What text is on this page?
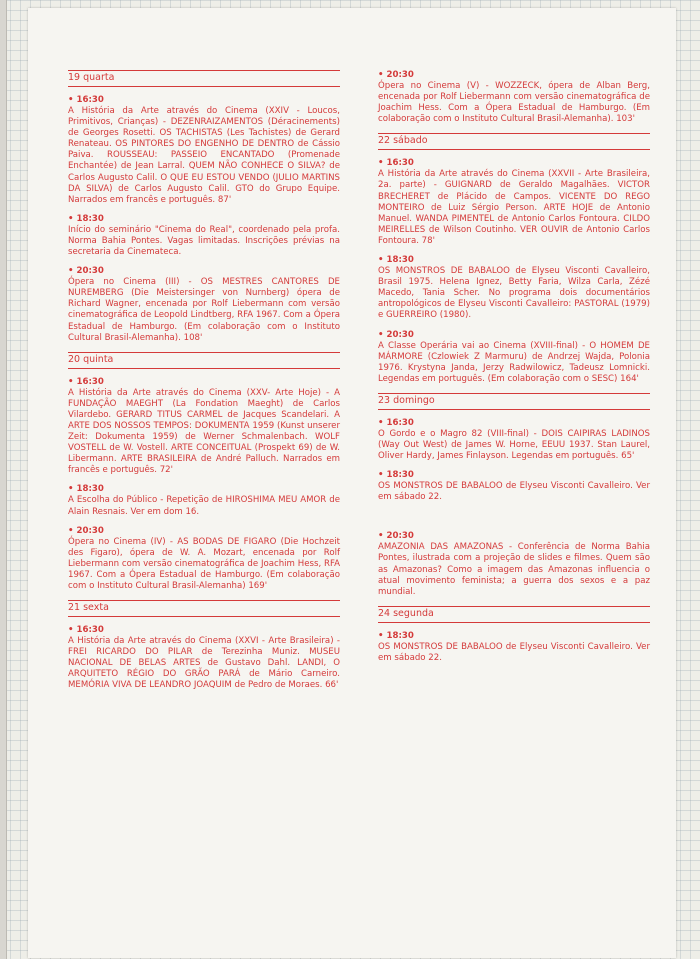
19 quarta
• 16:30

A História da Arte através do Cinema (XXIV - Loucos, Primitivos, Crianças) - DEZENRAIZAMENTOS (Déracinements) de Georges Rosetti. OS TACHISTAS (Les Tachistes) de Gerard Renateau. OS PINTORES DO ENGENHO DE DENTRO de Cássio Paiva. ROUSSEAU: PASSEIO ENCANTADO (Promenade Enchantée) de Jean Larral. QUEM NÃO CONHECE O SILVA? de Carlos Augusto Calil. O QUE EU ESTOU VENDO (JULIO MARTINS DA SILVA) de Carlos Augusto Calil. GTO do Grupo Equipe. Narrados em francês e português. 87'

• 18:30

Início do seminário "Cinema do Real", coordenado pela profa. Norma Bahia Pontes. Vagas limitadas. Inscrições prévias na secretaria da Cinemateca.

• 20:30

Ópera no Cinema (III) - OS MESTRES CANTORES DE NUREMBERG (Die Meistersinger von Nurnberg) ópera de Richard Wagner, encenada por Rolf Liebermann com versão cinematográfica de Leopold Lindtberg, RFA 1967. Com a Ópera Estadual de Hamburgo. (Em colaboração com o Instituto Cultural Brasil-Alemanha). 108'

20 quinta
• 16:30

A História da Arte através do Cinema (XXV- Arte Hoje) - A FUNDAÇÃO MAEGHT (La Fondation Maeght) de Carlos Vilardebo. GERARD TITUS CARMEL de Jacques Scandelari. A ARTE DOS NOSSOS TEMPOS: DOKUMENTA 1959 (Kunst unserer Zeit: Dokumenta 1959) de Werner Schmalenbach. WOLF VOSTELL de W. Vostell. ARTE CONCEITUAL (Prospekt 69) de W. Libermann. ARTE BRASILEIRA de André Palluch. Narrados em francês e português. 72'

• 18:30

A Escolha do Público - Repetição de HIROSHIMA MEU AMOR de Alain Resnais. Ver em dom 16.

• 20:30

Ópera no Cinema (IV) - AS BODAS DE FIGARO (Die Hochzeit des Figaro), ópera de W. A. Mozart, encenada por Rolf Liebermann com versão cinematográfica de Joachim Hess, RFA 1967. Com a Ópera Estadual de Hamburgo. (Em colaboração com o Instituto Cultural Brasil-Alemanha) 169'

21 sexta
• 16:30

A História da Arte através do Cinema (XXVI - Arte Brasileira) - FREI RICARDO DO PILAR de Terezinha Muniz. MUSEU NACIONAL DE BELAS ARTES de Gustavo Dahl. LANDI, O ARQUITETO RÉGIO DO GRÃO PARÁ de Mário Carneiro. MEMÓRIA VIVA DE LEANDRO JOAQUIM de Pedro de Moraes. 66'

• 20:30

Ópera no Cinema (V) - WOZZECK, ópera de Alban Berg, encenada por Rolf Liebermann com versão cinematográfica de Joachim Hess. Com a Ópera Estadual de Hamburgo. (Em colaboração com o Instituto Cultural Brasil-Alemanha). 103'

22 sábado
• 16:30

A História da Arte através do Cinema (XXVII - Arte Brasileira, 2a. parte) - GUIGNARD de Geraldo Magalhães. VICTOR BRECHERET de Plácido de Campos. VICENTE DO REGO MONTEIRO de Luiz Sérgio Person. ARTE HOJE de Antonio Manuel. WANDA PIMENTEL de Antonio Carlos Fontoura. CILDO MEIRELLES de Wilson Coutinho. VER OUVIR de Antonio Carlos Fontoura. 78'

• 18:30

OS MONSTROS DE BABALOO de Elyseu Visconti Cavalleiro, Brasil 1975. Helena Ignez, Betty Faria, Wilza Carla, Zézé Macedo, Tania Scher. No programa dois documentários antropológicos de Elyseu Visconti Cavalleiro: PASTORAL (1979) e GUERREIRO (1980).

• 20:30

A Classe Operária vai ao Cinema (XVIII-final) - O HOMEM DE MÁRMORE (Czlowiek Z Marmuru) de Andrzej Wajda, Polonia 1976. Krystyna Janda, Jerzy Radwilowicz, Tadeusz Lomnicki. Legendas em português. (Em colaboração com o SESC) 164'

23 domingo
• 16:30

O Gordo e o Magro 82 (VIII-final) - DOIS CAIPIRAS LADINOS (Way Out West) de James W. Horne, EEUU 1937. Stan Laurel, Oliver Hardy, James Finlayson. Legendas em português. 65'

• 18:30

OS MONSTROS DE BABALOO de Elyseu Visconti Cavalleiro. Ver em sábado 22.

• 20:30

AMAZONIA DAS AMAZONAS - Conferência de Norma Bahia Pontes, ilustrada com a projeção de slides e filmes. Quem são as Amazonas? Como a imagem das Amazonas influencia o atual movimento feminista; a guerra dos sexos e a paz mundial.

24 segunda
• 18:30

OS MONSTROS DE BABALOO de Elyseu Visconti Cavalleiro. Ver em sábado 22.
